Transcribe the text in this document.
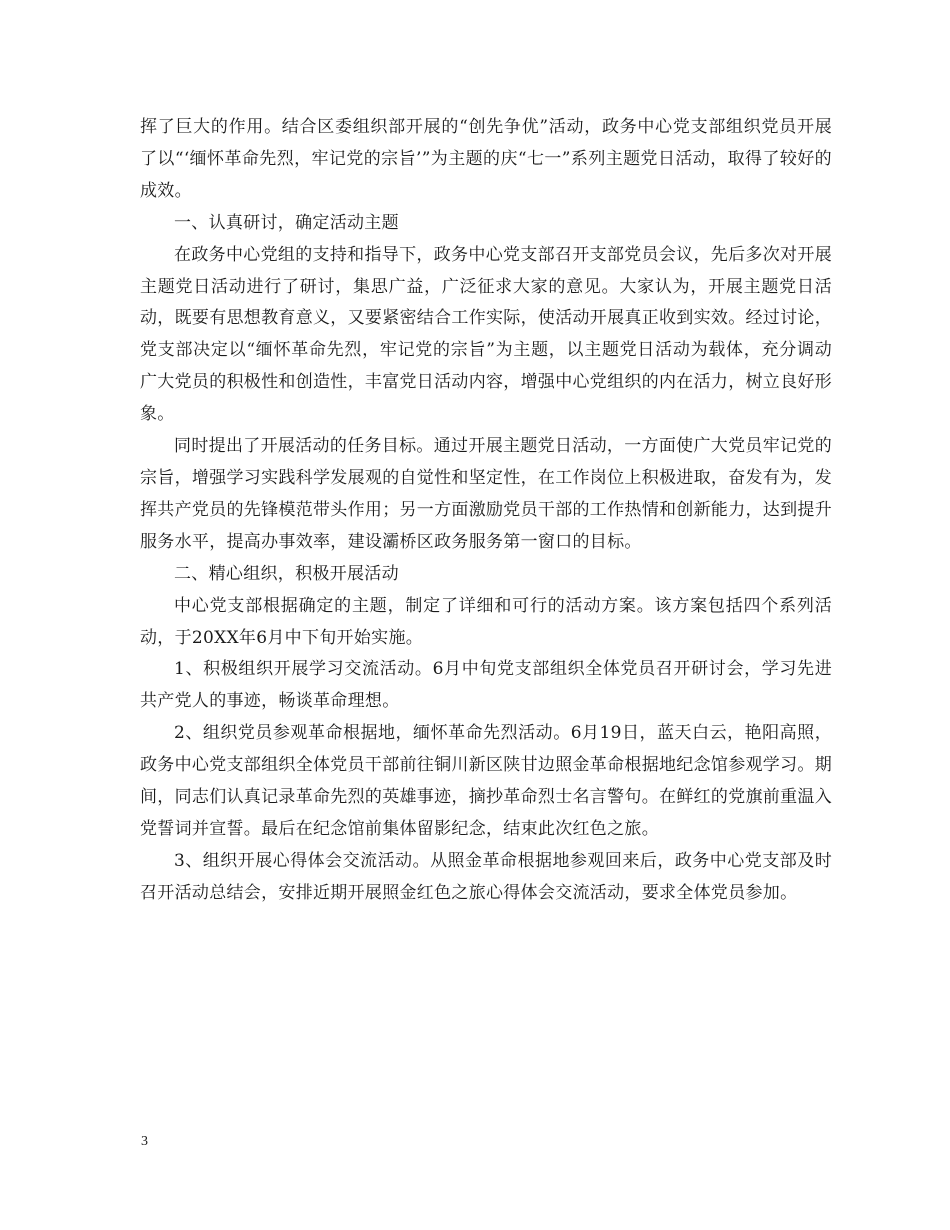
挥了巨大的作用。结合区委组织部开展的“创先争优”活动，政务中心党支部组织党员开展了以“‘缅怀革命先烈，牢记党的宗旨’”为主题的庆“七一”系列主题党日活动，取得了较好的成效。

一、认真研讨，确定活动主题

在政务中心党组的支持和指导下，政务中心党支部召开支部党员会议，先后多次对开展主题党日活动进行了研讨，集思广益，广泛征求大家的意见。大家认为，开展主题党日活动，既要有思想教育意义，又要紧密结合工作实际，使活动开展真正收到实效。经过讨论，党支部决定以“缅怀革命先烈，牢记党的宗旨”为主题，以主题党日活动为载体，充分调动广大党员的积极性和创造性，丰富党日活动内容，增强中心党组织的内在活力，树立良好形象。

同时提出了开展活动的任务目标。通过开展主题党日活动，一方面使广大党员牢记党的宗旨，增强学习实践科学发展观的自觉性和坚定性，在工作岗位上积极进取，奋发有为，发挥共产党员的先锋模范带头作用；另一方面激励党员干部的工作热情和创新能力，达到提升服务水平，提高办事效率，建设灞桥区政务服务第一窗口的目标。

二、精心组织，积极开展活动

中心党支部根据确定的主题，制定了详细和可行的活动方案。该方案包括四个系列活动，于20XX年6月中下旬开始实施。

1、积极组织开展学习交流活动。6月中旬党支部组织全体党员召开研讨会，学习先进共产党人的事迹，畅谈革命理想。

2、组织党员参观革命根据地，缅怀革命先烈活动。6月19日，蓝天白云，艳阳高照，政务中心党支部组织全体党员干部前往铜川新区陕甘边照金革命根据地纪念馆参观学习。期间，同志们认真记录革命先烈的英雄事迹，摘抄革命烈士名言警句。在鲜红的党旗前重温入党誓词并宣誓。最后在纪念馆前集体留影纪念，结束此次红色之旅。

3、组织开展心得体会交流活动。从照金革命根据地参观回来后，政务中心党支部及时召开活动总结会，安排近期开展照金红色之旅心得体会交流活动，要求全体党员参加。

3
